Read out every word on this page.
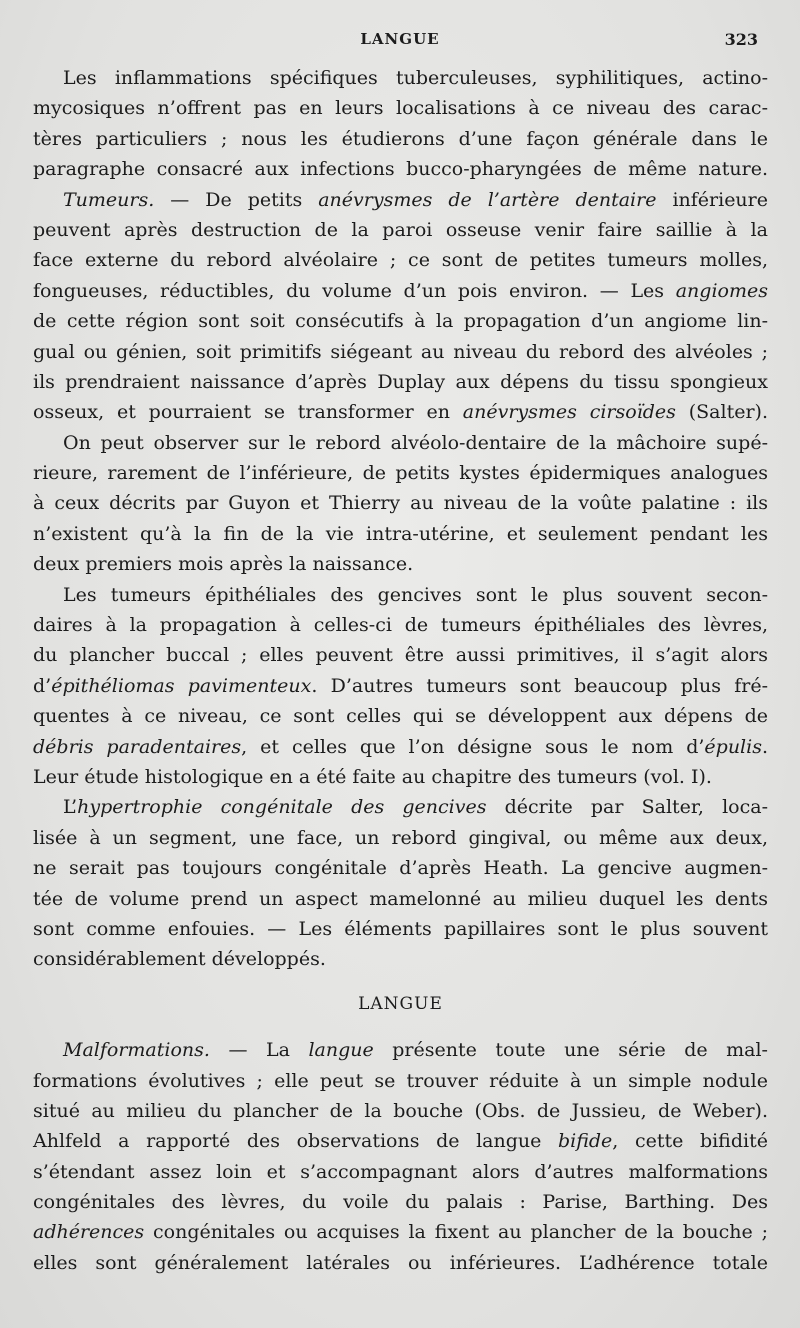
LANGUE	323
Les inflammations spécifiques tuberculeuses, syphilitiques, actino-
mycosiques n’offrent pas en leurs localisations à ce niveau des carac-
tères particuliers ; nous les étudierons d’une façon générale dans le
paragraphe consacré aux infections bucco-pharyngées de même nature.
Tumeurs. — De petits anévrysmes de l’artère dentaire inférieure
peuvent après destruction de la paroi osseuse venir faire saillie à la
face externe du rebord alvéolaire ; ce sont de petites tumeurs molles,
fongueuses, réductibles, du volume d’un pois environ. — Les angiomes
de cette région sont soit consécutifs à la propagation d’un angiome lin-
gual ou génien, soit primitifs siégeant au niveau du rebord des alvéoles ;
ils prendraient naissance d’après Duplay aux dépens du tissu spongieux
osseux, et pourraient se transformer en anévrysmes cirsoïdes (Salter).
On peut observer sur le rebord alvéolo-dentaire de la mâchoire supé-
rieure, rarement de l’inférieure, de petits kystes épidermiques analogues
à ceux décrits par Guyon et Thierry au niveau de la voûte palatine : ils
n’existent qu’à la fin de la vie intra-utérine, et seulement pendant les
deux premiers mois après la naissance.
Les tumeurs épithéliales des gencives sont le plus souvent secon-
daires à la propagation à celles-ci de tumeurs épithéliales des lèvres,
du plancher buccal ; elles peuvent être aussi primitives, il s’agit alors
d’épithéliomas pavimenteux. D’autres tumeurs sont beaucoup plus fré-
quentes à ce niveau, ce sont celles qui se développent aux dépens de
débris paradentaires, et celles que l’on désigne sous le nom d’épulis.
Leur étude histologique en a été faite au chapitre des tumeurs (vol. I).
L’hypertrophie congénitale des gencives décrite par Salter, loca-
lisée à un segment, une face, un rebord gingival, ou même aux deux,
ne serait pas toujours congénitale d’après Heath. La gencive augmen-
tée de volume prend un aspect mamelonné au milieu duquel les dents
sont comme enfouies. — Les éléments papillaires sont le plus souvent
considérablement développés.
LANGUE
Malformations. — La langue présente toute une série de mal-
formations évolutives ; elle peut se trouver réduite à un simple nodule
situé au milieu du plancher de la bouche (Obs. de Jussieu, de Weber).
Ahlfeld a rapporté des observations de langue bifide, cette bifidité
s’étendant assez loin et s’accompagnant alors d’autres malformations
congénitales des lèvres, du voile du palais : Parise, Barthing. Des
adhérences congénitales ou acquises la fixent au plancher de la bouche ;
elles sont généralement latérales ou inférieures. L’adhérence totale
